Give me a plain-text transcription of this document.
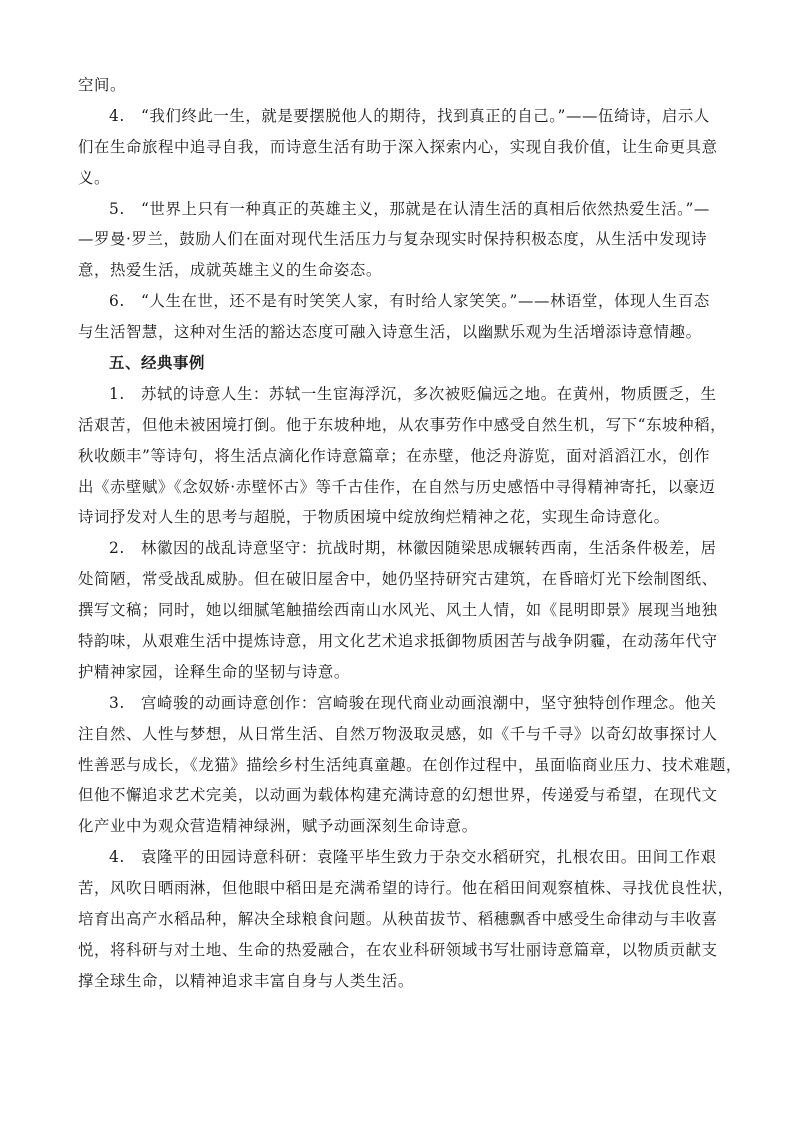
空间。
4. “我们终此一生，就是要摆脱他人的期待，找到真正的自己。”——伍绮诗，启示人
们在生命旅程中追寻自我，而诗意生活有助于深入探索内心，实现自我价值，让生命更具意
义。
5. “世界上只有一种真正的英雄主义，那就是在认清生活的真相后依然热爱生活。”—
—罗曼·罗兰，鼓励人们在面对现代生活压力与复杂现实时保持积极态度，从生活中发现诗
意，热爱生活，成就英雄主义的生命姿态。
6. “人生在世，还不是有时笑笑人家，有时给人家笑笑。”——林语堂，体现人生百态
与生活智慧，这种对生活的豁达态度可融入诗意生活，以幽默乐观为生活增添诗意情趣。
五、经典事例
1. 苏轼的诗意人生：苏轼一生宦海浮沉，多次被贬偏远之地。在黄州，物质匮乏，生
活艰苦，但他未被困境打倒。他于东坡种地，从农事劳作中感受自然生机，写下“东坡种稻，
秋收颇丰”等诗句，将生活点滴化作诗意篇章；在赤壁，他泛舟游览，面对滔滔江水，创作
出《赤壁赋》《念奴娇·赤壁怀古》等千古佳作，在自然与历史感悟中寻得精神寄托，以豪迈
诗词抒发对人生的思考与超脱，于物质困境中绽放绚烂精神之花，实现生命诗意化。
2. 林徽因的战乱诗意坚守：抗战时期，林徽因随梁思成辗转西南，生活条件极差，居
处简陋，常受战乱威胁。但在破旧屋舍中，她仍坚持研究古建筑，在昏暗灯光下绘制图纸、
撰写文稿；同时，她以细腻笔触描绘西南山水风光、风土人情，如《昆明即景》展现当地独
特韵味，从艰难生活中提炼诗意，用文化艺术追求抵御物质困苦与战争阴霾，在动荡年代守
护精神家园，诠释生命的坚韧与诗意。
3. 宫崎骏的动画诗意创作：宫崎骏在现代商业动画浪潮中，坚守独特创作理念。他关
注自然、人性与梦想，从日常生活、自然万物汲取灵感，如《千与千寻》以奇幻故事探讨人
性善恶与成长，《龙猫》描绘乡村生活纯真童趣。在创作过程中，虽面临商业压力、技术难题，
但他不懈追求艺术完美，以动画为载体构建充满诗意的幻想世界，传递爱与希望，在现代文
化产业中为观众营造精神绿洲，赋予动画深刻生命诗意。
4. 袁隆平的田园诗意科研：袁隆平毕生致力于杂交水稻研究，扎根农田。田间工作艰
苦，风吹日晒雨淋，但他眼中稻田是充满希望的诗行。他在稻田间观察植株、寻找优良性状，
培育出高产水稻品种，解决全球粮食问题。从秧苗拔节、稻穗飘香中感受生命律动与丰收喜
悦，将科研与对土地、生命的热爱融合，在农业科研领域书写壮丽诗意篇章，以物质贡献支
撑全球生命，以精神追求丰富自身与人类生活。
